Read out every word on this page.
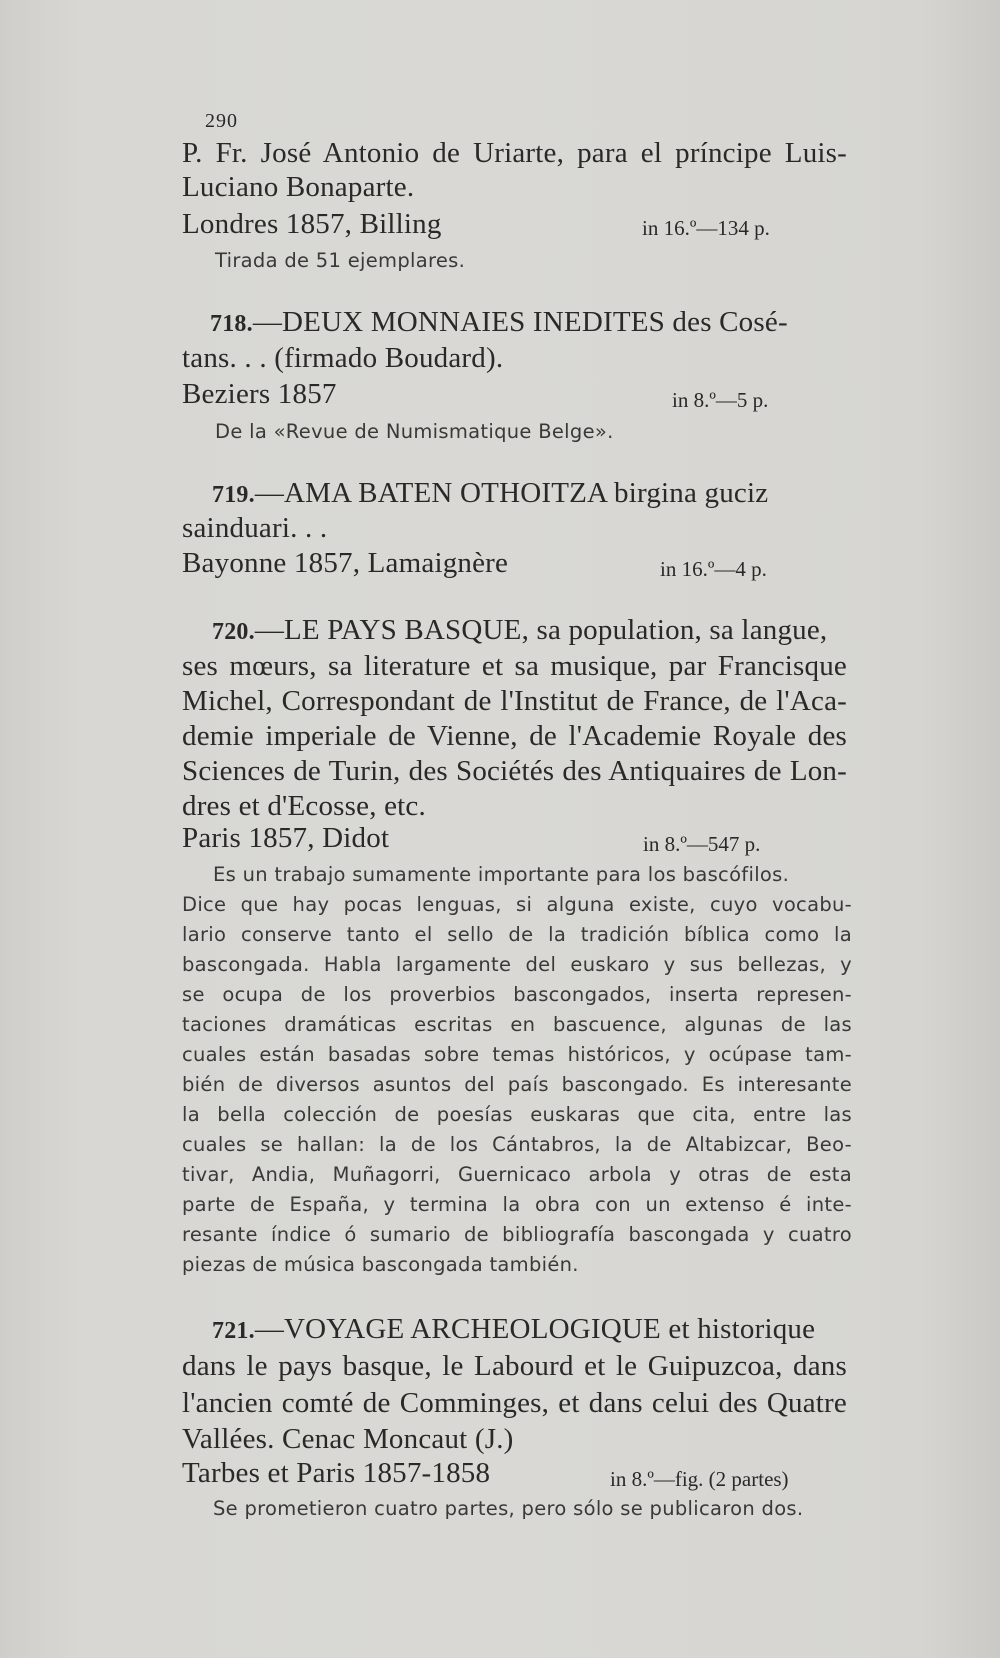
290
P. Fr. José Antonio de Uriarte, para el príncipe Luis-
Luciano Bonaparte.
Londres 1857, Billing	in 16.º—134 p.
Tirada de 51 ejemplares.
718.—DEUX MONNAIES INEDITES des Cosé-
tans. . . (firmado Boudard).
Beziers 1857	in 8.º—5 p.
De la «Revue de Numismatique Belge».
719.—AMA BATEN OTHOITZA birgina guciz
sainduari. . .
Bayonne 1857, Lamaignère	in 16.º—4 p.
720.—LE PAYS BASQUE, sa population, sa langue,
ses mœurs, sa literature et sa musique, par Francisque
Michel, Correspondant de l'Institut de France, de l'Aca-
demie imperiale de Vienne, de l'Academie Royale des
Sciences de Turin, des Sociétés des Antiquaires de Lon-
dres et d'Ecosse, etc.
Paris 1857, Didot	in 8.º—547 p.
Es un trabajo sumamente importante para los bascófilos.
Dice que hay pocas lenguas, si alguna existe, cuyo vocabu-
lario conserve tanto el sello de la tradición bíblica como la
bascongada. Habla largamente del euskaro y sus bellezas, y
se ocupa de los proverbios bascongados, inserta represen-
taciones dramáticas escritas en bascuence, algunas de las
cuales están basadas sobre temas históricos, y ocúpase tam-
bién de diversos asuntos del país bascongado. Es interesante
la bella colección de poesías euskaras que cita, entre las
cuales se hallan: la de los Cántabros, la de Altabizcar, Beo-
tivar, Andia, Muñagorri, Guernicaco arbola y otras de esta
parte de España, y termina la obra con un extenso é inte-
resante índice ó sumario de bibliografía bascongada y cuatro
piezas de música bascongada también.
721.—VOYAGE ARCHEOLOGIQUE et historique
dans le pays basque, le Labourd et le Guipuzcoa, dans
l'ancien comté de Comminges, et dans celui des Quatre
Vallées. Cenac Moncaut (J.)
Tarbes et Paris 1857-1858	in 8.º—fig. (2 partes)
Se prometieron cuatro partes, pero sólo se publicaron dos.
